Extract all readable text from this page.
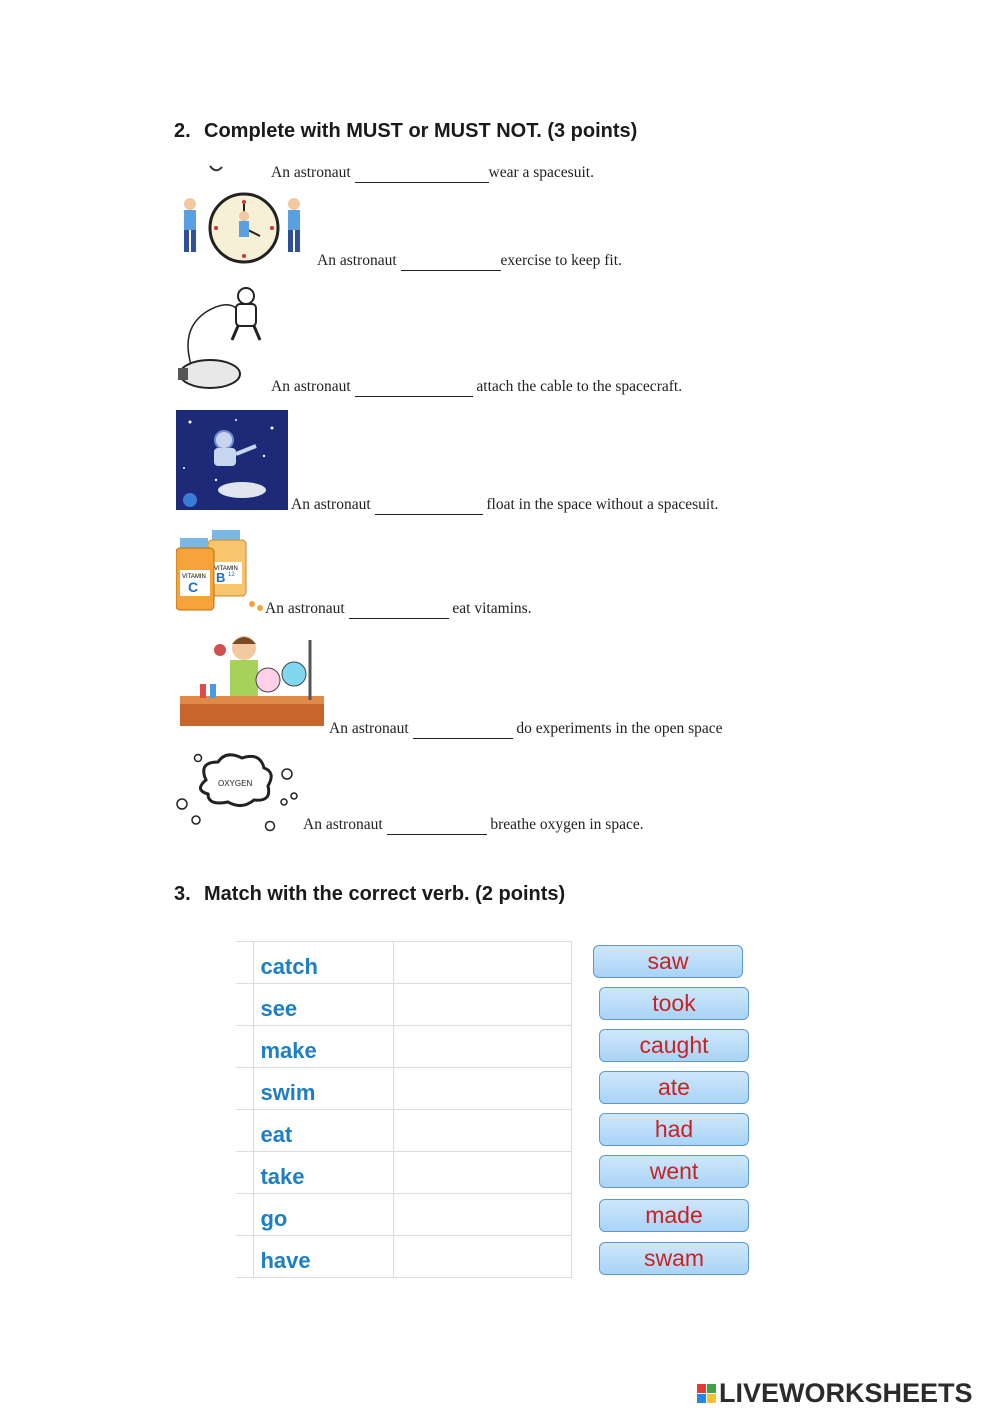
2. Complete with MUST or MUST NOT. (3 points)
An astronaut	wear a spacesuit.
An astronaut	exercise to keep fit.
An astronaut	attach the cable to the spacecraft.
An astronaut	float in the space without a spacesuit.
VITAMIN
B 12
VITAMIN
C
An astronaut	eat vitamins.
An astronaut	do experiments in the open space
OXYGEN
An astronaut	breathe oxygen in space.
3. Match with the correct verb. (2 points)
	catch	
	see	
	make	
	swim	
	eat	
	take	
	go	
	have	
saw
took
caught
ate
had
went
made
swam
LIVEWORKSHEETS
